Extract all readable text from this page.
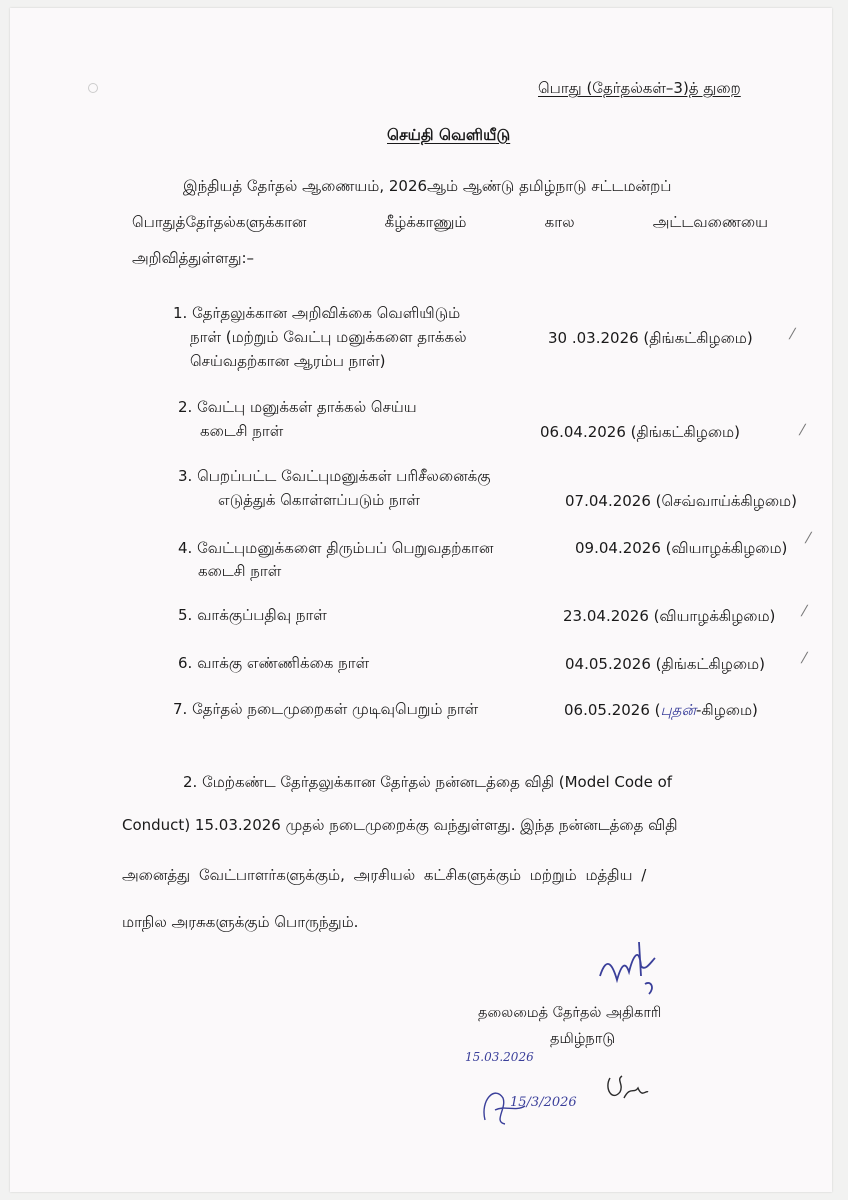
பொது (தேர்தல்கள்–3)த் துறை
செய்தி வெளியீடு
இந்தியத் தேர்தல் ஆணையம், 2026ஆம் ஆண்டு தமிழ்நாடு சட்டமன்றப்
பொதுத்தேர்தல்களுக்கான	கீழ்க்காணும்	கால	அட்டவணையை
அறிவித்துள்ளது:–
1. தேர்தலுக்கான அறிவிக்கை வெளியிடும்
நாள் (மற்றும் வேட்பு மனுக்களை தாக்கல்
செய்வதற்கான ஆரம்ப நாள்)
30 .03.2026 (திங்கட்கிழமை)	/
2. வேட்பு மனுக்கள் தாக்கல் செய்ய
கடைசி நாள்	06.04.2026 (திங்கட்கிழமை)	/
3. பெறப்பட்ட வேட்புமனுக்கள் பரிசீலனைக்கு
எடுத்துக் கொள்ளப்படும் நாள்	07.04.2026 (செவ்வாய்க்கிழமை)
4. வேட்புமனுக்களை திரும்பப் பெறுவதற்கான
கடைசி நாள்
09.04.2026 (வியாழக்கிழமை)
/
5. வாக்குப்பதிவு நாள்	23.04.2026 (வியாழக்கிழமை) /
6. வாக்கு எண்ணிக்கை நாள்	04.05.2026 (திங்கட்கிழமை) /
7. தேர்தல் நடைமுறைகள் முடிவுபெறும் நாள்	06.05.2026 (புதன்-கிழமை)
2. மேற்கண்ட தேர்தலுக்கான தேர்தல் நன்னடத்தை விதி (Model Code of
Conduct) 15.03.2026 முதல் நடைமுறைக்கு வந்துள்ளது. இந்த நன்னடத்தை விதி
அனைத்து வேட்பாளர்களுக்கும், அரசியல் கட்சிகளுக்கும் மற்றும் மத்திய /
மாநில அரசுகளுக்கும் பொருந்தும்.
தலைமைத் தேர்தல் அதிகாரி
தமிழ்நாடு
15.03.2026
15/3/2026
